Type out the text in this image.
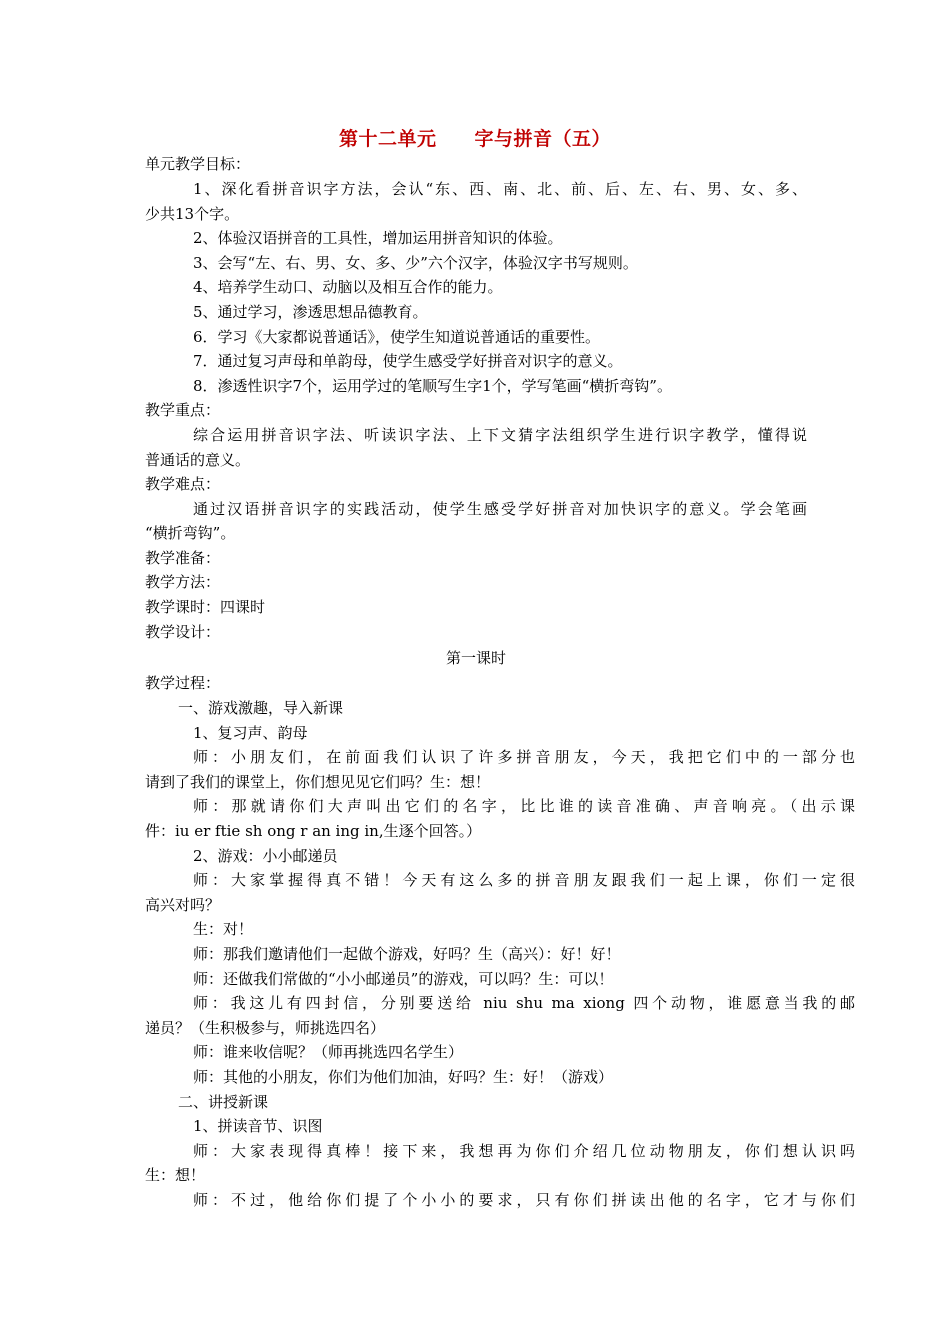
第十二单元 字与拼音（五）
单元教学目标：
1、深化看拼音识字方法，会认“东、西、南、北、前、后、左、右、男、女、多、
少共13个字。
2、体验汉语拼音的工具性，增加运用拼音知识的体验。
3、会写“左、右、男、女、多、少”六个汉字，体验汉字书写规则。
4、培养学生动口、动脑以及相互合作的能力。
5、通过学习，渗透思想品德教育。
6．学习《大家都说普通话》，使学生知道说普通话的重要性。
7．通过复习声母和单韵母，使学生感受学好拼音对识字的意义。
8．渗透性识字7个，运用学过的笔顺写生字1个，学写笔画“横折弯钩”。
教学重点：
综合运用拼音识字法、听读识字法、上下文猜字法组织学生进行识字教学，懂得说
普通话的意义。
教学难点：
通过汉语拼音识字的实践活动，使学生感受学好拼音对加快识字的意义。学会笔画
“横折弯钩”。
教学准备：
教学方法：
教学课时：四课时
教学设计：
第一课时
教学过程：
一、游戏激趣，导入新课
1、复习声、韵母
师：小朋友们，在前面我们认识了许多拼音朋友，今天，我把它们中的一部分也
请到了我们的课堂上，你们想见见它们吗？生：想！
师：那就请你们大声叫出它们的名字，比比谁的读音准确、声音响亮。（出示课
件：iu er ftie sh ong r an ing in,生逐个回答。）
2、游戏：小小邮递员
师：大家掌握得真不错！今天有这么多的拼音朋友跟我们一起上课，你们一定很
高兴对吗？
生：对！
师：那我们邀请他们一起做个游戏，好吗？生（高兴）：好！好！
师：还做我们常做的“小小邮递员”的游戏，可以吗？生：可以！
师：我这儿有四封信，分别要送给 niu shu ma xiong 四个动物，谁愿意当我的邮
递员？（生积极参与，师挑选四名）
师：谁来收信呢？（师再挑选四名学生）
师：其他的小朋友，你们为他们加油，好吗？生：好！（游戏）
二、讲授新课
1、拼读音节、识图
师：大家表现得真棒！接下来，我想再为你们介绍几位动物朋友，你们想认识吗
生：想！
师：不过，他给你们提了个小小的要求，只有你们拼读出他的名字，它才与你们
